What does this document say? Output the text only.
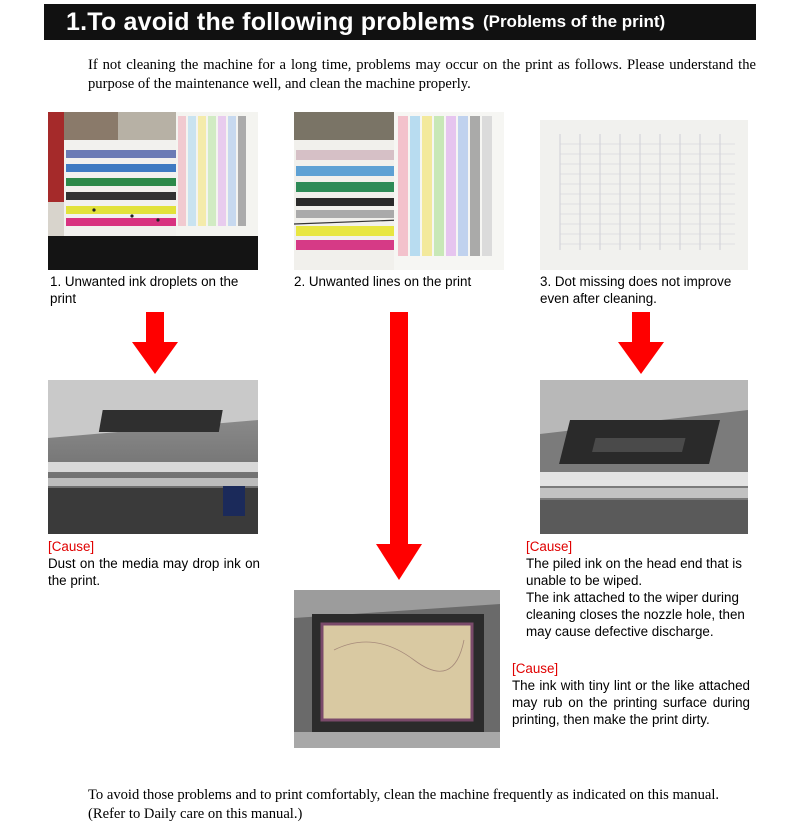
1.To avoid the following problems (Problems of the print)
If not cleaning the machine for a long time, problems may occur on the print as follows. Please understand the purpose of the maintenance well, and clean the machine properly.
1. Unwanted ink droplets on the print
2. Unwanted lines on the print	3. Dot missing does not improve even after cleaning.
[Cause]

Dust on the media may drop ink on the print.

[Cause]

The piled ink on the head end that is unable to be wiped.

The ink attached to the wiper during cleaning closes the nozzle hole, then may cause defective discharge.

[Cause]

The ink with tiny lint or the like attached may rub on the printing surface during printing, then make the print dirty.

To avoid those problems and to print comfortably, clean the machine frequently as indicated on this manual. (Refer to Daily care on this manual.)
